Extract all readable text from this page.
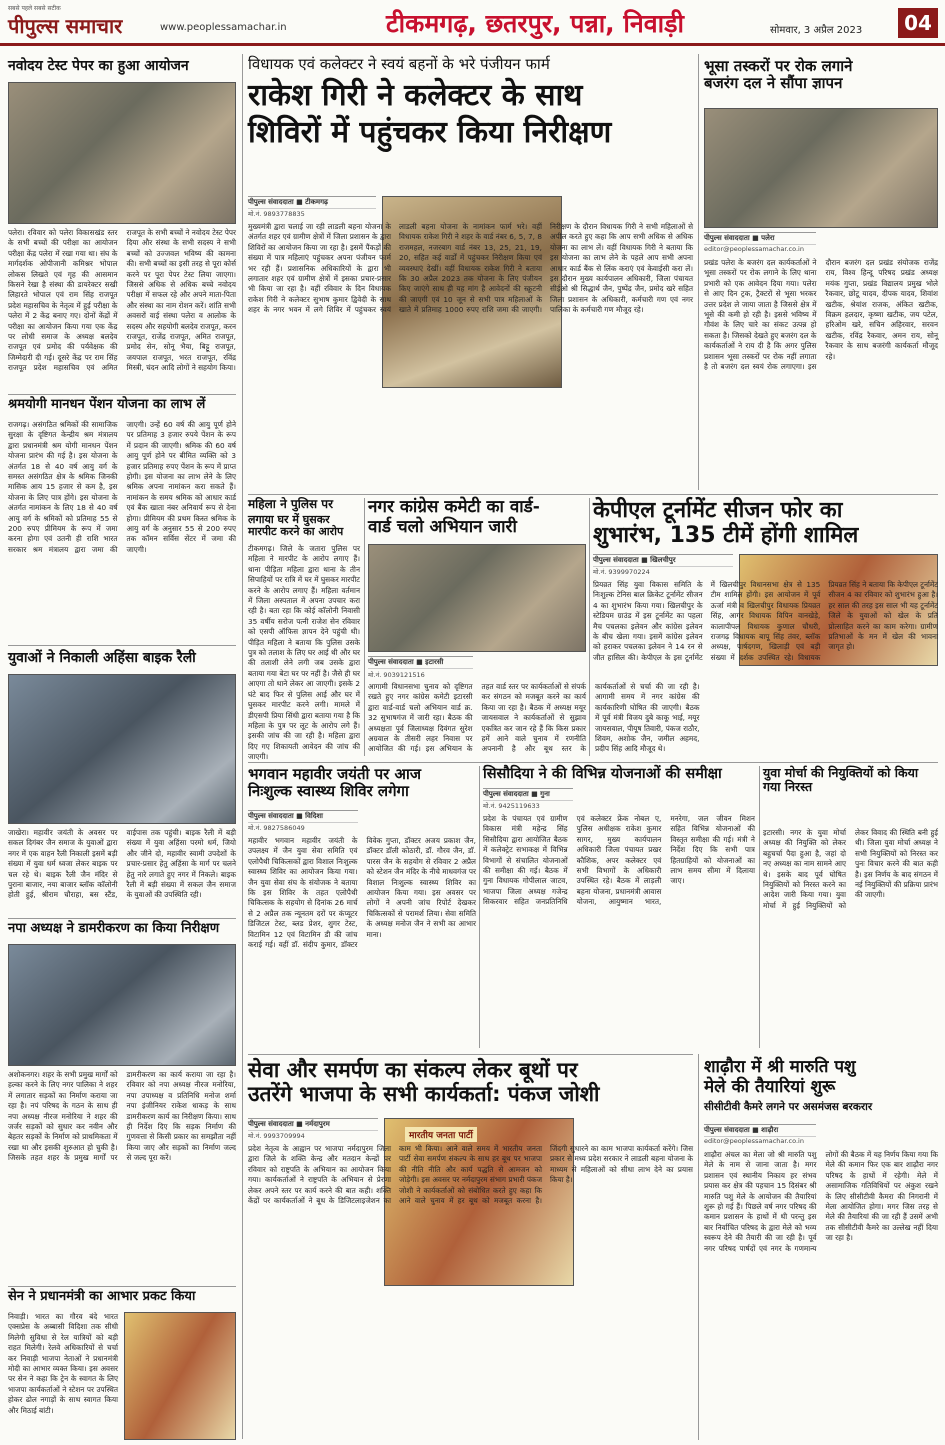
सबसे पहले सबसे सटीक
पीपुल्स समाचार	www.peoplessamachar.in	टीकमगढ़, छतरपुर, पन्ना, निवाड़ी	सोमवार, 3 अप्रैल 2023	04
नवोदय टेस्ट पेपर का हुआ आयोजन
पलेरा। रविवार को पलेरा विकासखंड स्तर के सभी बच्चों की परीक्षा का आयोजन परीक्षा केंद्र पलेरा में रखा गया था। संघ के मार्गदर्शक ओपीजानी कमिश्नर भोपाल लोकस लिखते एवं गृह की आसमान किसने रेखा है संस्था की डायरेक्टर सखी लिहारते भोपाल एवं राम सिंह राजपूत प्रदेश महासचिव के नेतृत्व में हुई परीक्षा के पलेरा में 2 केंद्र बनाए गए। दोनों केंद्रों में परीक्षा का आयोजन किया गया एक केंद्र पर लोधी समाज के अध्यक्ष बलदेव राजपूत एवं प्रमोद की पर्यवेक्षक की जिम्मेदारी दी गई। दूसरे केंद्र पर राम सिंह राजपूत प्रदेश महासचिव एवं अमित राजपूत के सभी बच्चों ने नवोदय टेस्ट पेपर दिया और संस्था के सभी सदस्य ने सभी बच्चों को उज्जवल भविष्य की कामना की। सभी बच्चों का इसी तरह से पूरा कोर्स करने पर पूरा पेपर टेस्ट लिया जाएगा। जिससे अधिक से अधिक बच्चे नवोदय परीक्षा में सफल रहे और अपने माता-पिता और संस्था का नाम रोशन करें। शांति सभी अवसरों वाई संस्था पलेरा व आलोक के सदस्य और सहयोगी बलदेव राजपूत, करन राजपूत, राजेंद्र राजपूत, अमित राजपूत, प्रमोद सेन, सोनू भैया, बिट्टू राजपूत, जयपाल राजपूत, भरत राजपूत, रविंद्र मिस्त्री, चंदन आदि लोगों ने सहयोग किया।
श्रमयोगी मानधन पेंशन योजना का लाभ लें
राजगढ़। असंगठित श्रमिकों की सामाजिक सुरक्षा के दृष्टिगत केन्द्रीय श्रम मंत्रालय द्वारा प्रधानमंत्री श्रम योगी मानधन पेंशन योजना प्रारंभ की गई है। इस योजना के अंतर्गत 18 से 40 वर्ष आयु वर्ग के समस्त असंगठित क्षेत्र के श्रमिक जिनकी मासिक आय 15 हजार से कम है, इस योजना के लिए पात्र होंगे। इस योजना के अंतर्गत नामांकन के लिए 18 से 40 वर्ष आयु वर्ग के श्रमिकों को प्रतिमाह 55 से 200 रुपए प्रीमियम के रूप में जमा करना होगा एवं उतनी ही राशि भारत सरकार श्रम मंत्रालय द्वारा जमा की जाएगी। उन्हें 60 वर्ष की आयु पूर्ण होने पर प्रतिमाह 3 हजार रुपये पेंशन के रूप में प्रदान की जाएगी। श्रमिक की 60 वर्ष आयु पूर्ण होने पर बीमित व्यक्ति को 3 हजार प्रतिमाह रुपए पेंशन के रूप में प्राप्त होगी। इस योजना का लाभ लेने के लिए श्रमिक अपना नामांकन करा सकते हैं। नामांकन के समय श्रमिक को आधार कार्ड एवं बैंक खाता नंबर अनिवार्य रूप से देना होगा। प्रीमियम की प्रथम किस्त श्रमिक के आयु वर्ग के अनुसार 55 से 200 रुपए तक कॉमन सर्विस सेंटर में जमा की जाएगी।
युवाओं ने निकाली अहिंसा बाइक रैली
जाखेरा। महावीर जयंती के अवसर पर सकल दिगंबर जैन समाज के युवाओं द्वारा नगर में एक वाहन रैली निकाली इसमें बड़ी संख्या में युवा धर्म ध्वजा लेकर बाइक पर चल रहे थे। बाइक रैली जैन मंदिर से पुराना बाजार, नया बाजार ब्लॉक कॉलोनी होती हुई, श्रीराम चौराहा, बस स्टैंड, वाईपास तक पहुंची। बाइक रैली में बड़ी संख्या में युवा अहिंसा परमो धर्म, जियो और जीने दो, महावीर स्वामी उपदेशों के प्रचार-प्रसार हेतु अहिंसा के मार्ग पर चलने हेतु नारे लगाते हुए नगर में निकले। बाइक रैली में बड़ी संख्या में सकल जैन समाज के युवाओं की उपस्थिति रही।
नपा अध्यक्ष ने डामरीकरण का किया निरीक्षण
अशोकनगर। शहर के सभी प्रमुख मार्गों को हल्का करने के लिए नगर पालिका ने शहर में लगातार सड़कों का निर्माण कराया जा रहा है। नपं परिषद के गठन के साथ ही नपा अध्यक्ष नीरज मनोरिया ने शहर की जर्जर सड़कों को सुधार कर नवीन और बेहतर सड़कों के निर्माण को प्राथमिकता में रखा था और इसकी शुरुआत हो चुकी है। जिसके तहत शहर के प्रमुख मार्गों पर डामरीकरण का कार्य कराया जा रहा है। रविवार को नपा अध्यक्ष नीरज मनोरिया, नपा उपाध्यक्ष व प्रतिनिधि मनोज शर्मा नपा इंजीनियर राकेश धाकड़ के साथ डामरीकरण कार्य का निरीक्षण किया। साथ ही निर्देश दिए कि सड़क निर्माण की गुणवत्ता से किसी प्रकार का समझौता नहीं किया जाए और सड़कों का निर्माण जल्द से जल्द पूरा करें।
सेन ने प्रधानमंत्री का आभार प्रकट किया
निवाड़ी। भारत का गौरव बंदे भारत एक्सप्रेस के अब्बासी विदिशा तक सीधी मिलेगी सुविधा से रेल यात्रियों को बड़ी राहत मिलेगी। रेलवे अधिकारियों से चर्चा कर निवाड़ी भाजपा नेताओं ने प्रधानमंत्री मोदी का आभार व्यक्त किया। इस अवसर पर सेन ने कहा कि ट्रेन के स्वागत के लिए भाजपा कार्यकर्ताओं ने स्टेशन पर उपस्थित होकर ढोल नगाड़ों के साथ स्वागत किया और मिठाई बांटी।
विधायक एवं कलेक्टर ने स्वयं बहनों के भरे पंजीयन फार्म
राकेश गिरी ने कलेक्टर के साथ
शिविरों में पहुंचकर किया निरीक्षण
पीपुल्स संवाददाता ■ टीकमगढ़
मो.नं. 9893778835
मुख्यमंत्री द्वारा चलाई जा रही लाडली बहना योजना के अंतर्गत शहर एवं ग्रामीण क्षेत्रों में जिला प्रशासन के द्वारा शिविरों का आयोजन किया जा रहा है। इसमें पैंकड़ों की संख्या में पात्र महिलाएं पहुंचकर अपना पंजीयन फार्म भर रही हैं। प्रशासनिक अधिकारियों के द्वारा भी लगातार शहर एवं ग्रामीण क्षेत्रों में इसका प्रचार-प्रसार भी किया जा रहा है। वहीं रविवार के दिन विधायक राकेश गिरी ने कलेक्टर सुभाष कुमार द्विवेदी के साथ शहर के नगर भवन में लगे शिविर में पहुंचकर स्वयं लाडली बहना योजना के नामांकन फार्म भरे। वहीं विधायक राकेश गिरी ने शहर के वार्ड नंबर 6, 5, 7, 8 राजमहल, नजरबाग वार्ड नंबर 13, 25, 21, 19, 20, सहित कई वार्डों में पहुंचकर निरीक्षण किया एवं व्यवस्थाएं देखीं। वहीं विधायक राकेश गिरी ने बताया कि 30 अप्रैल 2023 तक योजना के लिए पंजीयन किए जाएंगे साथ ही यह मांग है आवेदनों की स्क्रूटनी की जाएगी एवं 10 जून से सभी पात्र महिलाओं के खाते में प्रतिमाह 1000 रुपए राशि जमा की जाएगी। निरीक्षण के दौरान विधायक गिरी ने सभी महिलाओं से अपील करते हुए कहा कि आप सभी अधिक से अधिक योजना का लाभ लें। वहीं विधायक गिरी ने बताया कि इस योजना का लाभ लेने के पहले आप सभी अपना आधार कार्ड बैंक से लिंक कराएं एवं केवाईसी करा लें। इस दौरान मुख्य कार्यपालन अधिकारी, जिला पंचायत सीईओ श्री सिद्धार्थ जैन, पुष्पेंद्र जैन, प्रमोद खरे सहित जिला प्रशासन के अधिकारी, कर्मचारी गण एवं नगर पालिका के कर्मचारी गण मौजूद रहे।
महिला ने पुलिस पर
लगाया घर में घुसकर मारपीट करने का आरोप
टीकमगढ़। जिले के जतारा पुलिस पर महिला ने मारपीट के आरोप लगाए हैं। थाना पीड़िता महिला द्वारा थाना के तीन सिपाहियों पर रात्रि में घर में घुसकर मारपीट करने के आरोप लगाए हैं। महिला वर्तमान में जिला अस्पताल में अपना उपचार करा रही है। बता रहा कि कोई कॉलोनी निवासी 35 वर्षीय सरोज पत्नी राजेश सेन रविवार को एसपी ऑफिस ज्ञापन देने पहुंची थी। पीड़ित महिला ने बताया कि पुलिस उसके पुत्र को तलाश के लिए घर आई थी और घर की तलाशी लेने लगी जब उसके द्वारा बताया गया बेटा घर पर नहीं है। जैसे ही घर आएगा तो थाने लेकर आ जाएगी। इसके 2 घंटे बाद फिर से पुलिस आई और घर में घुसकर मारपीट करने लगी। मामले में डीएसपी प्रिया सिंधी द्वारा बताया गया है कि महिला के पुत्र पर लूट के आरोप लगे हैं। इसकी जांच की जा रही है। महिला द्वारा दिए गए शिकायती आवेदन की जांच की जाएगी।
नगर कांग्रेस कमेटी का वार्ड-
वार्ड चलो अभियान जारी
पीपुल्स संवाददाता ■ इटारसी
मो.नं. 9039121516
आगामी विधानसभा चुनाव को दृष्टिगत रखते हुए नगर कांग्रेस कमेटी इटारसी द्वारा वार्ड-वार्ड चलो अभियान वार्ड क्र. 32 सुभाषगंज में जारी रहा। बैठक की अध्यक्षता पूर्व जिलाध्यक्ष दिवंगत सुरेश अग्रवाल के तीसरी लहर निवास पर आयोजित की गई। इस अभियान के तहत वार्ड स्तर पर कार्यकर्ताओं से संपर्क कर संगठन को मजबूत करने का कार्य किया जा रहा है। बैठक में अध्यक्ष मयूर जायसवाल ने कार्यकर्ताओं से सुझाव एकत्रित कर जान रहे हैं कि किस प्रकार हमें आने वाले चुनाव में रणनीति अपनानी है और बूथ स्तर के कार्यकर्ताओं से चर्चा की जा रही है। आगामी समय में नगर कांग्रेस की कार्यकारिणी घोषित की जाएगी। बैठक में पूर्व मंत्री विजय दुबे काकू भाई, मयूर जायसवाल, पीयूष तिवारी, पंकज राठौर, शिवम, अशोक जैन, जमील अहमद, प्रदीप सिंह आदि मौजूद थे।
केपीएल टूर्नामेंट सीजन फोर का
शुभारंभ, 135 टीमें होंगी शामिल
पीपुल्स संवाददाता ■ खिलचीपुर
मो.नं. 9399970224
प्रियव्रत सिंह युवा विकास समिति के निःशुल्क टेनिस बाल क्रिकेट टूर्नामेंट सीजन 4 का शुभारंभ किया गया। खिलचीपुर के स्टेडियम ग्राउंड में इस टूर्नामेंट का पहला मैच पचलका इलेवन और कांग्रेस इलेवन के बीच खेला गया। इसमें कांग्रेस इलेवन को हराकर पचलका इलेवन ने 14 रन से जीत हासिल की। केपीएल के इस टूर्नामेंट में खिलचीपुर विधानसभा क्षेत्र से 135 टीम शामिल होंगी। इस आयोजन में पूर्व ऊर्जा मंत्री व खिलचीपुर विधायक प्रियव्रत सिंह, आगर विधायक विपिन वानखेड़े, कालापीपल विधायक कुणाल चौधरी, राजगढ़ विधायक बापू सिंह तंवर, ब्लॉक अध्यक्ष, पार्षदगण, खिलाड़ी एवं बड़ी संख्या में दर्शक उपस्थित रहे। विधायक प्रियव्रत सिंह ने बताया कि केपीएल टूर्नामेंट सीजन 4 का रविवार को शुभारंभ हुआ है। हर साल की तरह इस साल भी यह टूर्नामेंट जिले के युवाओं को खेल के प्रति प्रोत्साहित करने का काम करेगा। ग्रामीण प्रतिभाओं के मन में खेल की भावना जागृत हो।
भगवान महावीर जयंती पर आज
निःशुल्क स्वास्थ्य शिविर लगेगा
पीपुल्स संवाददाता ■ विदिशा
मो.नं. 9827586049
महावीर भगवान महावीर जयंती के उपलक्ष्य में जैन युवा सेवा समिति एवं एलोपैथी चिकित्सकों द्वारा विशाल निःशुल्क स्वास्थ्य शिविर का आयोजन किया गया। जैन युवा सेवा संघ के संयोजक ने बताया कि इस शिविर के तहत एलोपैथी चिकित्सक के सहयोग से दिनांक 26 मार्च से 2 अप्रैल तक न्यूनतम दरों पर कंप्यूटर डिजिटल टेस्ट, ब्लड प्रेशर, शुगर टेस्ट, विटामिन 12 एवं विटामिन डी की जांच कराई गई। वहीं डॉ. संदीप कुमार, डॉक्टर विवेक गुप्ता, डॉक्टर अजय प्रकाश जैन, डॉक्टर डॉली कोठारी, डॉ. गौरव जैन, डॉ. पारस जैन के सहयोग से रविवार 2 अप्रैल को स्टेशन जैन मंदिर के नीचे माधवगंज पर विशाल निःशुल्क स्वास्थ्य शिविर का आयोजन किया गया। इस अवसर पर लोगों ने अपनी जांच रिपोर्ट देखकर चिकित्सकों से परामर्श लिया। सेवा समिति के अध्यक्ष मनोज जैन ने सभी का आभार माना।
सिसौदिया ने की विभिन्न योजनाओं की समीक्षा
पीपुल्स संवाददाता ■ गुना
मो.नं. 9425119633
प्रदेश के पंचायत एवं ग्रामीण विकास मंत्री महेन्द्र सिंह सिसौदिया द्वारा आयोजित बैठक में कलेक्ट्रेट सभाकक्ष में विभिन्न विभागों से संचालित योजनाओं की समीक्षा की गई। बैठक में गुना विधायक गोपीलाल जाटव, भाजपा जिला अध्यक्ष गजेन्द्र सिकरवार सहित जनप्रतिनिधि एवं कलेक्टर फ्रेंक नोबल ए, पुलिस अधीक्षक राकेश कुमार सागर, मुख्य कार्यपालन अधिकारी जिला पंचायत प्रखर कौशिक, अपर कलेक्टर एवं सभी विभागों के अधिकारी उपस्थित रहे। बैठक में लाड़ली बहना योजना, प्रधानमंत्री आवास योजना, आयुष्मान भारत, मनरेगा, जल जीवन मिशन सहित विभिन्न योजनाओं की विस्तृत समीक्षा की गई। मंत्री ने निर्देश दिए कि सभी पात्र हितग्राहियों को योजनाओं का लाभ समय सीमा में दिलाया जाए।
युवा मोर्चा की नियुक्तियों को किया गया निरस्त
इटारसी। नगर के युवा मोर्चा अध्यक्ष की नियुक्ति को लेकर बहुचर्चा पैदा हुआ है, जहां दो नए अध्यक्ष का नाम सामने आए थे। इसके बाद पूर्व घोषित नियुक्तियों को निरस्त करने का आदेश जारी किया गया। युवा मोर्चा में हुई नियुक्तियों को लेकर विवाद की स्थिति बनी हुई थी। जिला युवा मोर्चा अध्यक्ष ने सभी नियुक्तियों को निरस्त कर पुनः विचार करने की बात कही है। इस निर्णय के बाद संगठन में नई नियुक्तियों की प्रक्रिया प्रारंभ की जाएगी।
सेवा और समर्पण का संकल्प लेकर बूथों पर
उतरेंगे भाजपा के सभी कार्यकर्ता: पंकज जोशी
पीपुल्स संवाददाता ■ नर्मदापुरम
मो.नं. 9993709994	मारतीय जनता पार्टी
प्रदेश नेतृत्व के आह्वान पर भाजपा नर्मदापुरम जिला द्वारा जिले के शक्ति केन्द्र और मतदान केन्द्रों पर रविवार को राष्ट्रपति के अभियान का आयोजन किया गया। कार्यकर्ताओं ने राष्ट्रपति के अभियान से प्रेरणा लेकर अपने स्तर पर कार्य करने की बात कही। शक्ति केंद्रों पर कार्यकर्ताओं ने बूथ के डिजिटलाइजेशन का काम भी किया। आने वाले समय में भारतीय जनता पार्टी सेवा समर्पण संकल्प के साथ हर बूथ पर भाजपा की नीति नीति और कार्य पद्धति से आमजन को जोड़ेगी। इस अवसर पर नर्मदापुरम संभाग प्रभारी पंकज जोशी ने कार्यकर्ताओं को संबोधित करते हुए कहा कि आने वाले चुनाव में हर बूथ को मजबूत करना है। जिंदगी सुधारने का काम भाजपा कार्यकर्ता करेंगे। जिस प्रकार से मध्य प्रदेश सरकार ने लाडली बहना योजना के माध्यम से महिलाओं को सीधा लाभ देने का प्रयास किया है।
भूसा तस्करों पर रोक लगाने
बजरंग दल ने सौंपा ज्ञापन
पीपुल्स संवाददाता ■ पलेरा
editor@peoplessamachar.co.in
प्रखंड पलेरा के बजरंग दल कार्यकर्ताओं ने भूसा तस्करों पर रोक लगाने के लिए थाना प्रभारी को एक आवेदन दिया गया। पलेरा से आए दिन ट्रक, ट्रैक्टरों से भूसा भरकर उत्तर प्रदेश ले जाया जाता है जिससे क्षेत्र में भूसे की कमी हो रही है। इससे भविष्य में गौवंश के लिए चारे का संकट उत्पन्न हो सकता है। जिसको देखते हुए बजरंग दल के कार्यकर्ताओं ने राय दी है कि अगर पुलिस प्रशासन भूसा तस्करों पर रोक नहीं लगाता है तो बजरंग दल स्वयं रोक लगाएगा। इस दौरान बजरंग दल प्रखंड संयोजक राजेंद्र राय, विश्व हिन्दू परिषद प्रखंड अध्यक्ष मयंक गुप्ता, प्रखंड विद्यालय प्रमुख भोले रैकवार, छोटू यादव, दीपक यादव, शिवांश खटीक, श्रेयांश राजक, अंकित खटीक, विक्रम हलदार, कृष्णा खटीक, जय पटेल, हरिओम खरे, सचिन अहिरवार, सरवन खटीक, रविंद्र रैकवार, अमन राय, सोनू रैकवार के साथ बजरंगी कार्यकर्ता मौजूद रहे।
शाढ़ौरा में श्री मारुति पशु
मेले की तैयारियां शुरू
सीसीटीवी कैमरे लगने पर असमंजस बरकरार
पीपुल्स संवाददाता ■ शाढ़ौरा
editor@peoplessamachar.co.in
शाढ़ौरा अंचल का मेला जो श्री मारुति पशु मेले के नाम से जाना जाता है। मगर प्रशासन एवं स्थानीय निकाय हर संभव प्रयास कर क्षेत्र की पहचान 15 दिसंबर श्री मारुति पशु मेले के आयोजन की तैयारियां शुरू हो गई हैं। पिछले वर्ष नगर परिषद की कमान प्रशासन के हाथों में थी परन्तु इस बार निर्वाचित परिषद के द्वारा मेले को भव्य स्वरूप देने की तैयारी की जा रही है। पूर्व नगर परिषद पार्षदों एवं नगर के गणमान्य लोगों की बैठक में यह निर्णय किया गया कि मेले की कमान फिर एक बार शाढ़ौरा नगर परिषद के हाथों में रहेगी। मेले में असामाजिक गतिविधियों पर अंकुश रखने के लिए सीसीटीवी कैमरा की निगरानी में मेला आयोजित होगा। मगर जिस तरह से मेले की तैयारियां की जा रही हैं उसमें अभी तक सीसीटीवी कैमरे का उल्लेख नहीं दिया जा रहा है।
